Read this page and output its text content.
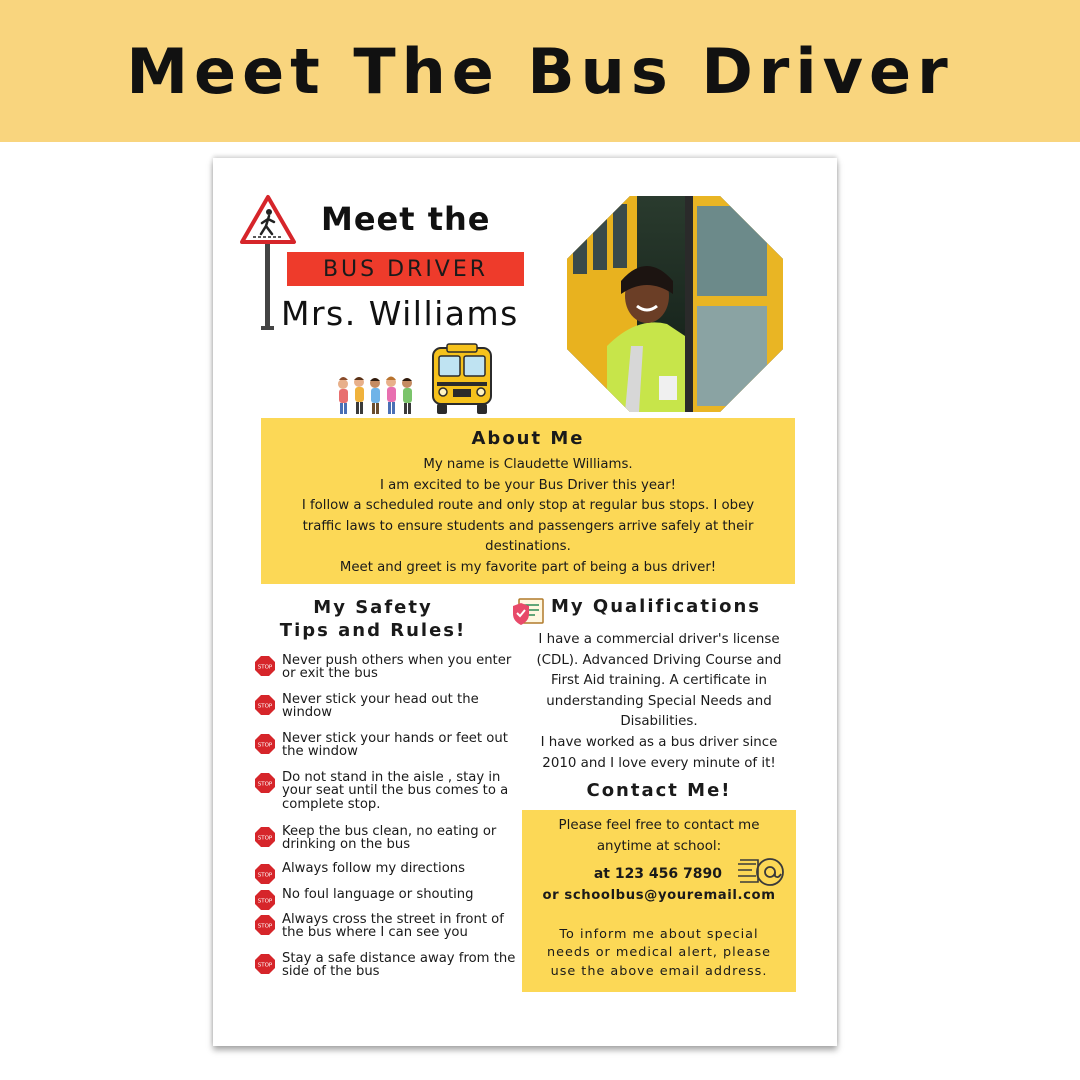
Meet The Bus Driver
Meet the
BUS DRIVER
Mrs. Williams
About Me
My name is Claudette Williams.
I am excited to be your Bus Driver this year!
I follow a scheduled route and only stop at regular bus stops. I obey
traffic laws to ensure students and passengers arrive safely at their
destinations.
Meet and greet is my favorite part of being a bus driver!
My Safety
Tips and Rules!
STOP Never push others when you enter or exit the bus
STOP Never stick your head out the window
STOP Never stick your hands or feet out the window
STOP Do not stand in the aisle , stay in your seat until the bus comes to a complete stop.
STOP Keep the bus clean, no eating or drinking on the bus
STOP Always follow my directions
STOP No foul language or shouting
STOP Always cross the street in front of the bus where I can see you
STOP Stay a safe distance away from the side of the bus
My Qualifications
I have a commercial driver's license
(CDL). Advanced Driving Course and
First Aid training. A certificate in
understanding Special Needs and
Disabilities.
I have worked as a bus driver since
2010 and I love every minute of it!
Contact Me!
Please feel free to contact me
anytime at school:
at 123 456 7890
or schoolbus@youremail.com
To inform me about special
needs or medical alert, please
use the above email address.
